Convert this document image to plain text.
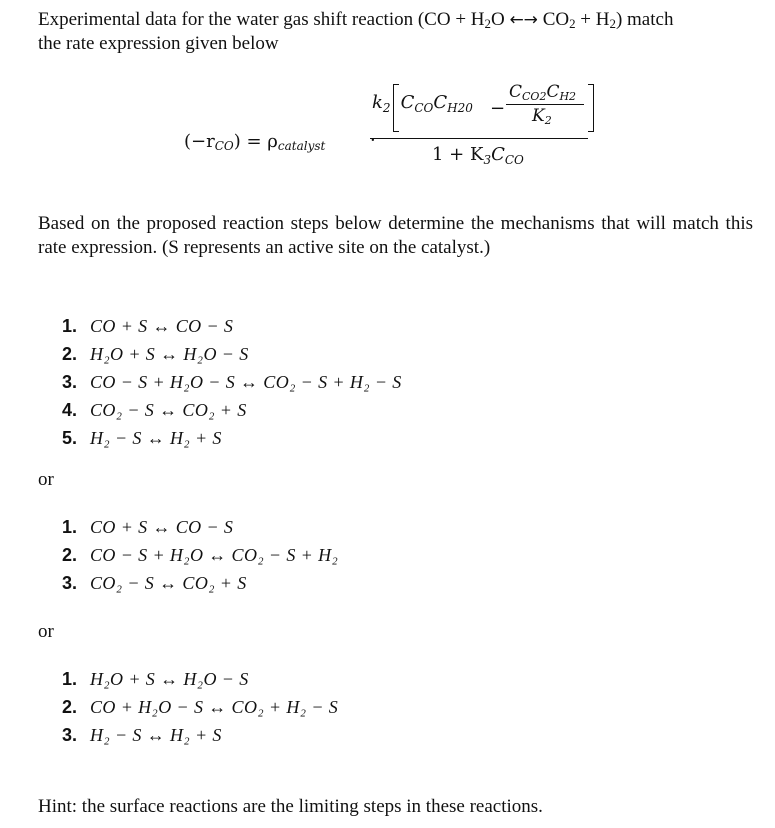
Experimental data for the water gas shift reaction ($CO + H_2O$ ←→ $CO_2 + H_2$) match
the rate expression given below

(−rCO) = ρcatalyst ·
$k_2$ $C_{CO}C_{H20}$ −
CCO2CH2
K2
$1 + K_3C_{CO}$

Based on the proposed reaction steps below determine the mechanisms that will match this rate expression. (S represents an active site on the catalyst.)

1. CO + S ↔ CO − S
2. H₂O + S ↔ H₂O − S
3. CO − S + H₂O − S ↔ CO₂ − S + H₂ − S
4. CO₂ − S ↔ CO₂ + S
5. H₂ − S ↔ H₂ + S

or

1. CO + S ↔ CO − S
2. CO − S + H₂O ↔ CO₂ − S + H₂
3. CO₂ − S ↔ CO₂ + S

or

1. H₂O + S ↔ H₂O − S
2. CO + H₂O − S ↔ CO₂ + H₂ − S
3. H₂ − S ↔ H₂ + S

Hint: the surface reactions are the limiting steps in these reactions.
